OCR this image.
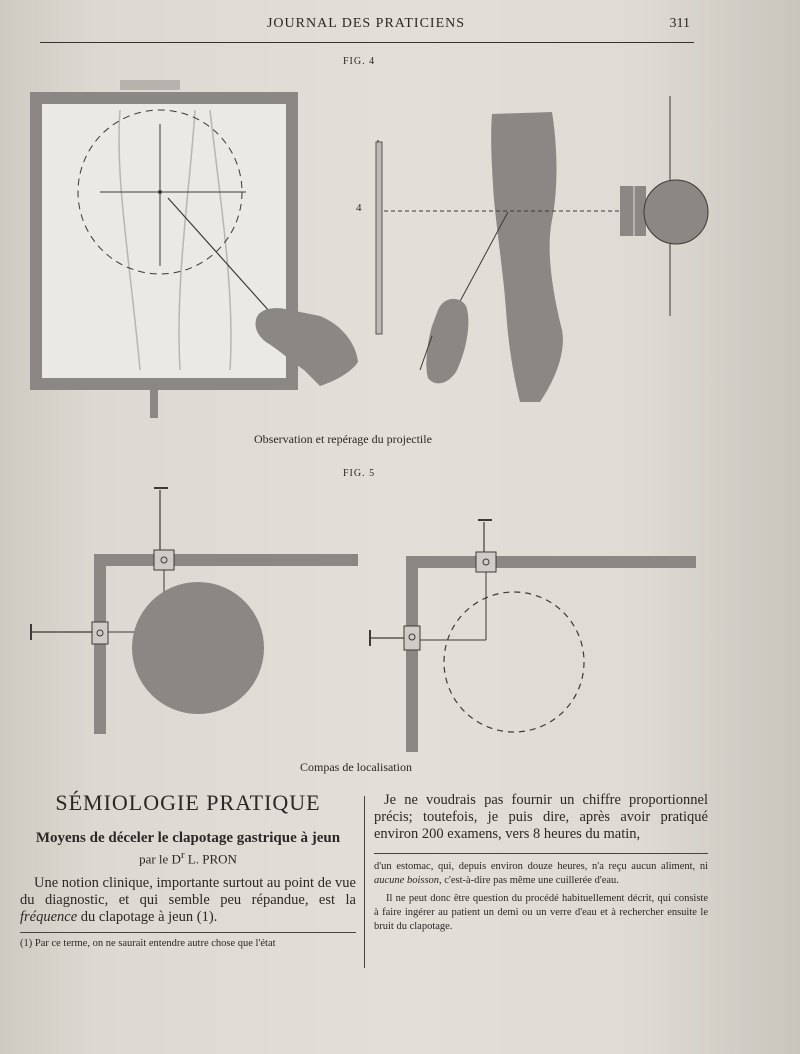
JOURNAL DES PRATICIENS	311
FIG. 4
4
Observation et repérage du projectile
FIG. 5
Compas de localisation
SÉMIOLOGIE PRATIQUE
Moyens de déceler le clapotage gastrique à jeun
par le $D^r$ L. PRON
Une notion clinique, importante surtout au point de vue du diagnostic, et qui semble peu répandue, est la fréquence du clapotage à jeun (1).
(1) Par ce terme, on ne saurait entendre autre chose que l'état
Je ne voudrais pas fournir un chiffre proportionnel précis; toutefois, je puis dire, après avoir pratiqué environ 200 examens, vers 8 heures du matin,
d'un estomac, qui, depuis environ douze heures, n'a reçu aucun aliment, ni aucune boisson, c'est-à-dire pas même une cuillerée d'eau.
Il ne peut donc être question du procédé habituellement décrit, qui consiste à faire ingérer au patient un demi ou un verre d'eau et à rechercher ensuite le bruit du clapotage.
